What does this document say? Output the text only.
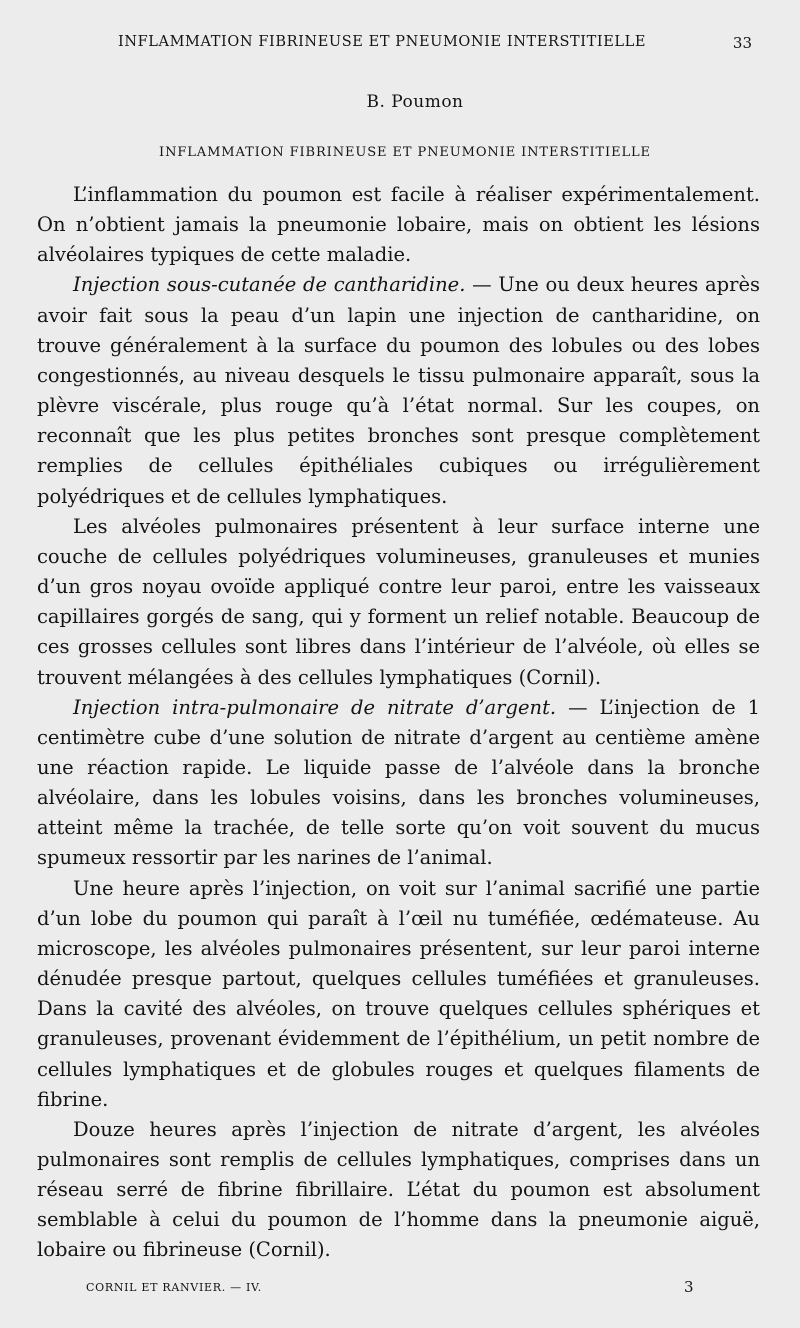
INFLAMMATION FIBRINEUSE ET PNEUMONIE INTERSTITIELLE	33
B. Poumon
INFLAMMATION FIBRINEUSE ET PNEUMONIE INTERSTITIELLE

L’inflammation du poumon est facile à réaliser expérimentalement. On n’obtient jamais la pneumonie lobaire, mais on obtient les lésions alvéolaires typiques de cette maladie.

Injection sous-cutanée de cantharidine. — Une ou deux heures après avoir fait sous la peau d’un lapin une injection de cantharidine, on trouve généralement à la surface du poumon des lobules ou des lobes congestionnés, au niveau desquels le tissu pulmonaire apparaît, sous la plèvre viscérale, plus rouge qu’à l’état normal. Sur les coupes, on reconnaît que les plus petites bronches sont presque complètement remplies de cellules épithéliales cubiques ou irrégulièrement polyédriques et de cellules lymphatiques.

Les alvéoles pulmonaires présentent à leur surface interne une couche de cellules polyédriques volumineuses, granuleuses et munies d’un gros noyau ovoïde appliqué contre leur paroi, entre les vaisseaux capillaires gorgés de sang, qui y forment un relief notable. Beaucoup de ces grosses cellules sont libres dans l’intérieur de l’alvéole, où elles se trouvent mélangées à des cellules lymphatiques (Cornil).

Injection intra-pulmonaire de nitrate d’argent. — L’injection de 1 centimètre cube d’une solution de nitrate d’argent au centième amène une réaction rapide. Le liquide passe de l’alvéole dans la bronche alvéolaire, dans les lobules voisins, dans les bronches volumineuses, atteint même la trachée, de telle sorte qu’on voit souvent du mucus spumeux ressortir par les narines de l’animal.

Une heure après l’injection, on voit sur l’animal sacrifié une partie d’un lobe du poumon qui paraît à l’œil nu tuméfiée, œdémateuse. Au microscope, les alvéoles pulmonaires présentent, sur leur paroi interne dénudée presque partout, quelques cellules tuméfiées et granuleuses. Dans la cavité des alvéoles, on trouve quelques cellules sphériques et granuleuses, provenant évidemment de l’épithélium, un petit nombre de cellules lymphatiques et de globules rouges et quelques filaments de fibrine.

Douze heures après l’injection de nitrate d’argent, les alvéoles pulmonaires sont remplis de cellules lymphatiques, comprises dans un réseau serré de fibrine fibrillaire. L’état du poumon est absolument semblable à celui du poumon de l’homme dans la pneumonie aiguë, lobaire ou fibrineuse (Cornil).

CORNIL ET RANVIER. — IV.	3
